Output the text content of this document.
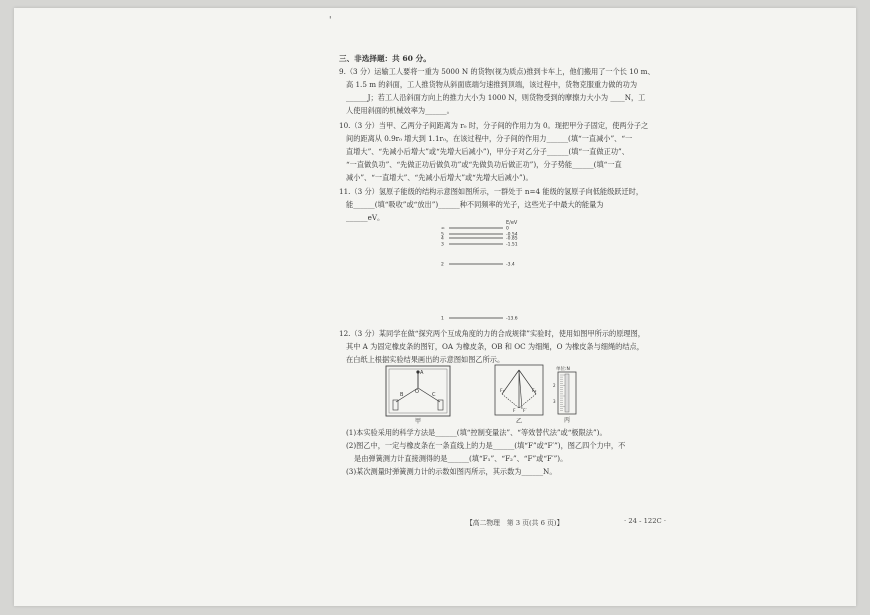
'
三、非选择题：共 60 分。
9.（3 分）运输工人要将一重为 5000 N 的货物(视为质点)推到卡车上，他们搬用了一个长 10 m、
高 1.5 m 的斜面，工人推货物从斜面底端匀速推到顶端，该过程中，货物克服重力做的功为
______J；若工人沿斜面方向上的推力大小为 1000 N，则货物受到的摩擦力大小为 ____N，工
人使用斜面的机械效率为______。
10.（3 分）当甲、乙两分子间距离为 r₀ 时，分子间的作用力为 0。现把甲分子固定，使两分子之
间的距离从 0.9r₀ 增大到 1.1r₀，在该过程中，分子间的作用力______(填“一直减小”、“一
直增大”、“先减小后增大”或“先增大后减小”)，甲分子对乙分子______(填“一直做正功”、
“一直做负功”、“先做正功后做负功”或“先做负功后做正功”)，分子势能______(填“一直
减小”、“一直增大”、“先减小后增大”或“先增大后减小”)。
11.（3 分）氢原子能级的结构示意图如图所示，一群处于 n=4 能级的氢原子向低能级跃迁时，
能______(填“吸收”或“放出”)______种不同频率的光子，这些光子中最大的能量为
______eV。
E/eV
∞	0
5	-0.54
4	-0.85
3	-1.51
2	-3.4
1	-13.6
12.（3 分）某同学在做“探究两个互成角度的力的合成规律”实验时，使用如图甲所示的原理图，
其中 A 为固定橡皮条的图钉，OA 为橡皮条，OB 和 OC 为细绳，O 为橡皮条与细绳的结点，
在白纸上根据实验结果画出的示意图如图乙所示。
A
O
B	C
甲
F₁	F₂
F F′
乙
单位:N
2
3
丙
(1)本实验采用的科学方法是______(填“控制变量法”、“等效替代法”或“极限法”)。
(2)图乙中，一定与橡皮条在一条直线上的力是______(填“F”或“F′”)，图乙四个力中，不
是由弹簧测力计直接测得的是______(填“F₁”、“F₂”、“F”或“F′”)。
(3)某次测量时弹簧测力计的示数如图丙所示，其示数为______N。
【高二物理　第 3 页(共 6 页)】	· 24 - 122C ·
